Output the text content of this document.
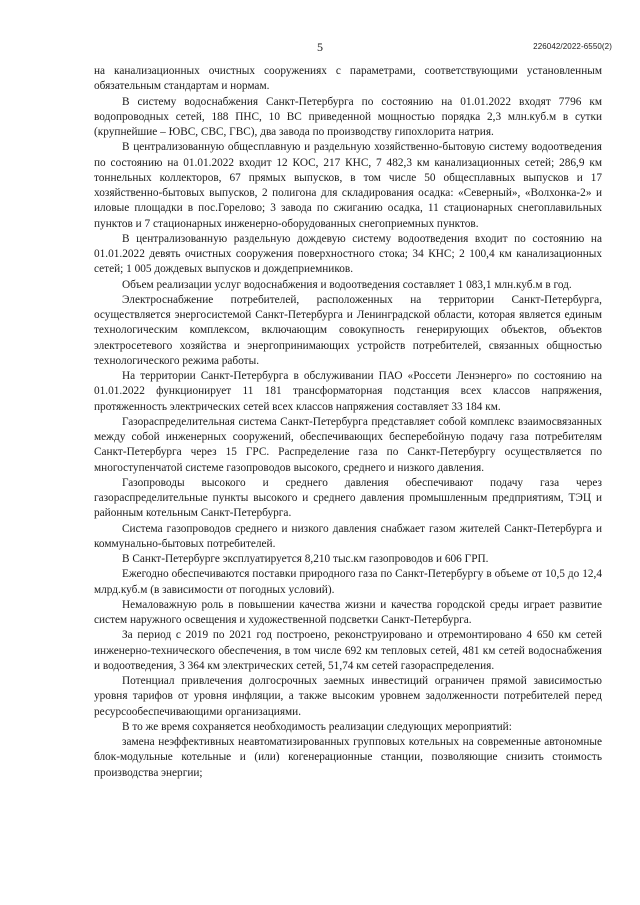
5	226042/2022-6550(2)

на канализационных очистных сооружениях с параметрами, соответствующими установленным обязательным стандартам и нормам.

В систему водоснабжения Санкт-Петербурга по состоянию на 01.01.2022 входят 7796 км водопроводных сетей, 188 ПНС, 10 ВС приведенной мощностью порядка 2,3 млн.куб.м в сутки (крупнейшие – ЮВС, СВС, ГВС), два завода по производству гипохлорита натрия.

В централизованную общесплавную и раздельную хозяйственно-бытовую систему водоотведения по состоянию на 01.01.2022 входит 12 КОС, 217 КНС, 7 482,3 км канализационных сетей; 286,9 км тоннельных коллекторов, 67 прямых выпусков, в том числе 50 общесплавных выпусков и 17 хозяйственно-бытовых выпусков, 2 полигона для складирования осадка: «Северный», «Волхонка-2» и иловые площадки в пос.Горелово; 3 завода по сжиганию осадка, 11 стационарных снегоплавильных пунктов и 7 стационарных инженерно-оборудованных снегоприемных пунктов.

В централизованную раздельную дождевую систему водоотведения входит по состоянию на 01.01.2022 девять очистных сооружения поверхностного стока; 34 КНС; 2 100,4 км канализационных сетей; 1 005 дождевых выпусков и дождеприемников.

Объем реализации услуг водоснабжения и водоотведения составляет 1 083,1 млн.куб.м в год.

Электроснабжение потребителей, расположенных на территории Санкт-Петербурга, осуществляется энергосистемой Санкт-Петербурга и Ленинградской области, которая является единым технологическим комплексом, включающим совокупность генерирующих объектов, объектов электросетевого хозяйства и энергопринимающих устройств потребителей, связанных общностью технологического режима работы.

На территории Санкт-Петербурга в обслуживании ПАО «Россети Ленэнерго» по состоянию на 01.01.2022 функционирует 11 181 трансформаторная подстанция всех классов напряжения, протяженность электрических сетей всех классов напряжения составляет 33 184 км.

Газораспределительная система Санкт-Петербурга представляет собой комплекс взаимосвязанных между собой инженерных сооружений, обеспечивающих бесперебойную подачу газа потребителям Санкт-Петербурга через 15 ГРС. Распределение газа по Санкт-Петербургу осуществляется по многоступенчатой системе газопроводов высокого, среднего и низкого давления.

Газопроводы высокого и среднего давления обеспечивают подачу газа через газораспределительные пункты высокого и среднего давления промышленным предприятиям, ТЭЦ и районным котельным Санкт-Петербурга.

Система газопроводов среднего и низкого давления снабжает газом жителей Санкт-Петербурга и коммунально-бытовых потребителей.

В Санкт-Петербурге эксплуатируется 8,210 тыс.км газопроводов и 606 ГРП.

Ежегодно обеспечиваются поставки природного газа по Санкт-Петербургу в объеме от 10,5 до 12,4 млрд.куб.м (в зависимости от погодных условий).

Немаловажную роль в повышении качества жизни и качества городской среды играет развитие систем наружного освещения и художественной подсветки Санкт-Петербурга.

За период с 2019 по 2021 год построено, реконструировано и отремонтировано 4 650 км сетей инженерно-технического обеспечения, в том числе 692 км тепловых сетей, 481 км сетей водоснабжения и водоотведения, 3 364 км электрических сетей, 51,74 км сетей газораспределения.

Потенциал привлечения долгосрочных заемных инвестиций ограничен прямой зависимостью уровня тарифов от уровня инфляции, а также высоким уровнем задолженности потребителей перед ресурсообеспечивающими организациями.

В то же время сохраняется необходимость реализации следующих мероприятий:

замена неэффективных неавтоматизированных групповых котельных на современные автономные блок-модульные котельные и (или) когенерационные станции, позволяющие снизить стоимость производства энергии;
